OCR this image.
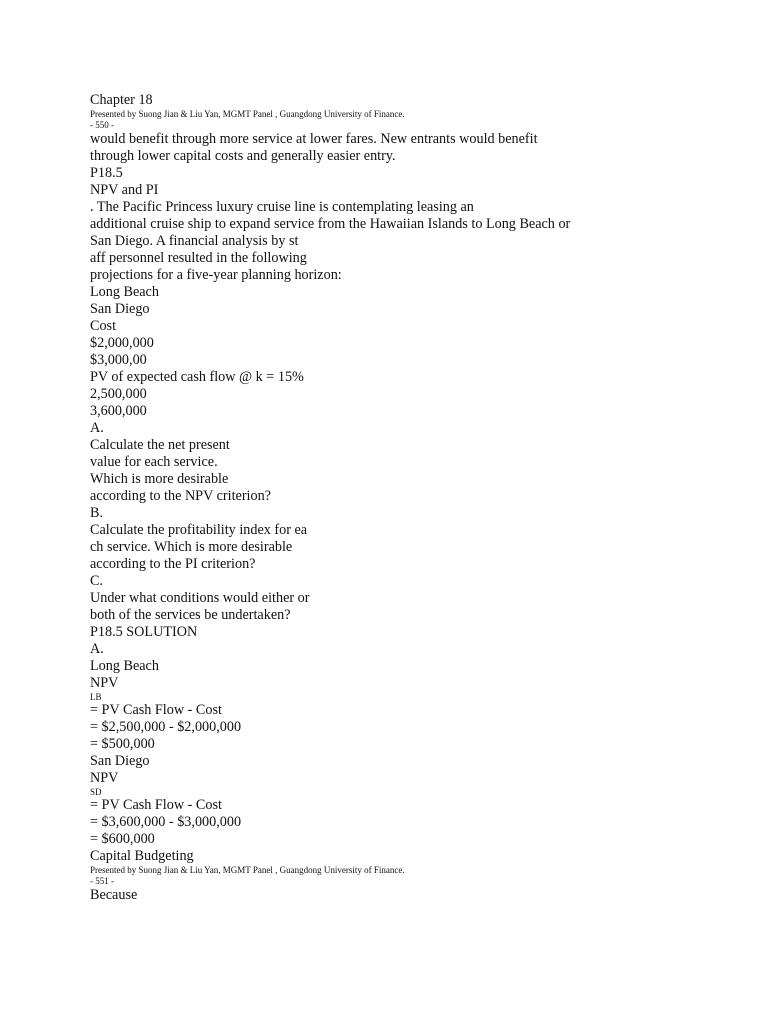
Chapter 18
Presented by Suong Jian & Liu Yan, MGMT Panel , Guangdong University of Finance.
- 550 -
would benefit through more service at lower fares. New entrants would benefit
through lower capital costs and generally easier entry.
P18.5
NPV and PI
. The Pacific Princess luxury cruise line is contemplating leasing an
additional cruise ship to expand service from the Hawaiian Islands to Long Beach or
San Diego. A financial analysis by st
aff personnel resulted in the following
projections for a five-year planning horizon:
Long Beach
San Diego
Cost
$2,000,000
$3,000,00
PV of expected cash flow @ k = 15%
2,500,000
3,600,000
A.
Calculate the net present
value for each service.
Which is more desirable
according to the NPV criterion?
B.
Calculate the profitability index for ea
ch service. Which is more desirable
according to the PI criterion?
C.
Under what conditions would either or
both of the services be undertaken?
P18.5 SOLUTION
A.
Long Beach
NPV
LB
= PV Cash Flow - Cost
= $2,500,000 - $2,000,000
= $500,000
San Diego
NPV
SD
= PV Cash Flow - Cost
= $3,600,000 - $3,000,000
= $600,000
Capital Budgeting
Presented by Suong Jian & Liu Yan, MGMT Panel , Guangdong University of Finance.
- 551 -
Because
